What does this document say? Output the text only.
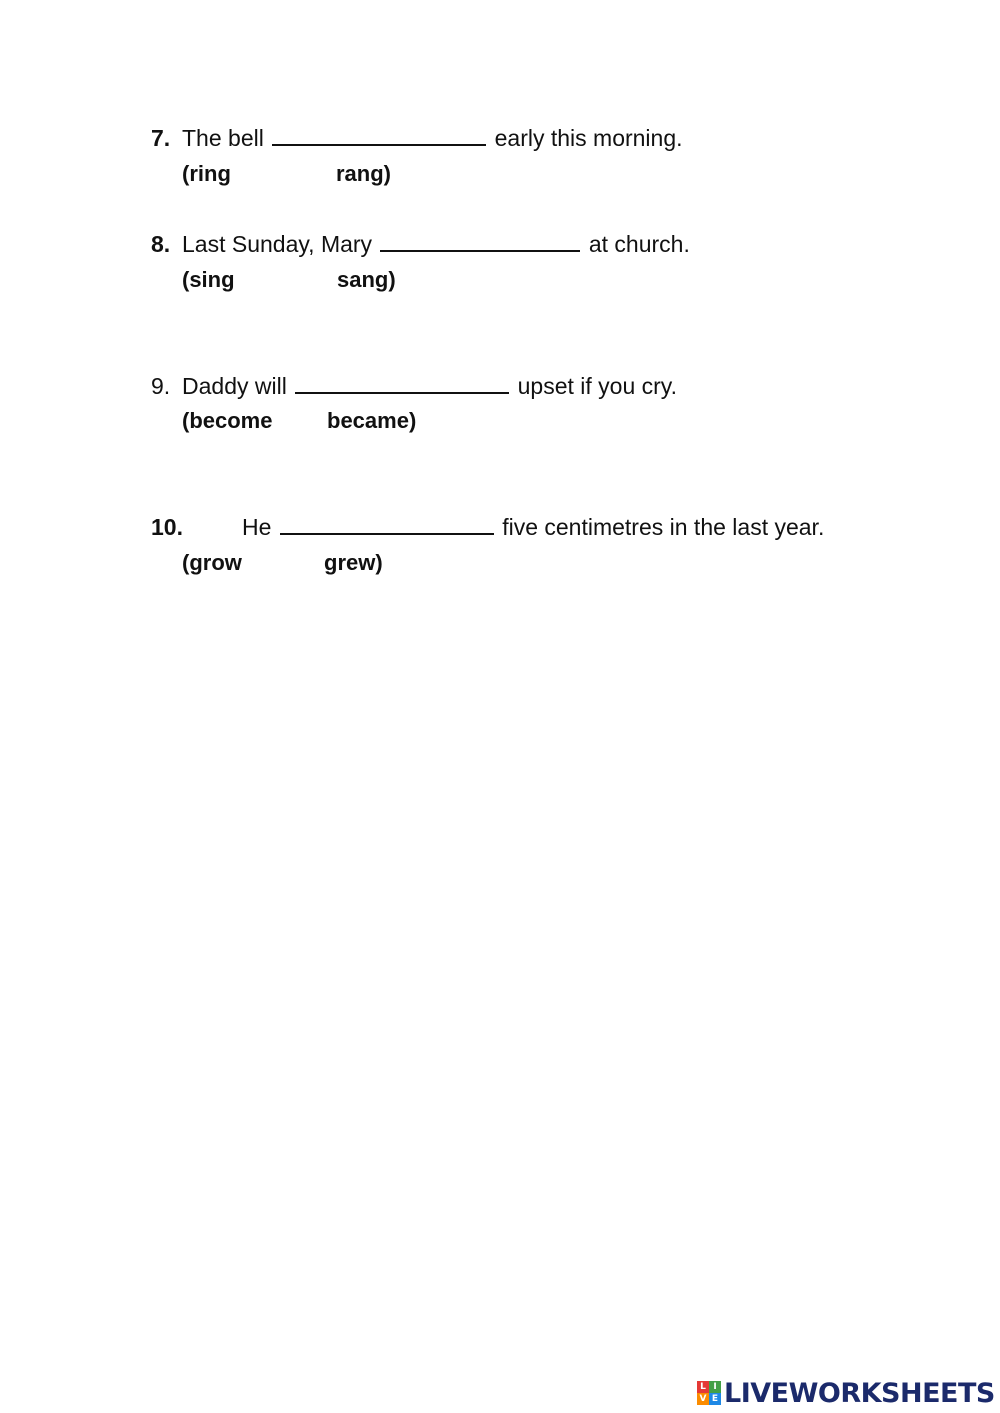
7. The bell	early this morning.
(ring	rang)
8. Last Sunday, Mary	at church.
(sing	sang)
9. Daddy will	upset if you cry.
(become became)
10.	He	five centimetres in the last year.
(grow	grew)
L I
V E LIVEWORKSHEETS
